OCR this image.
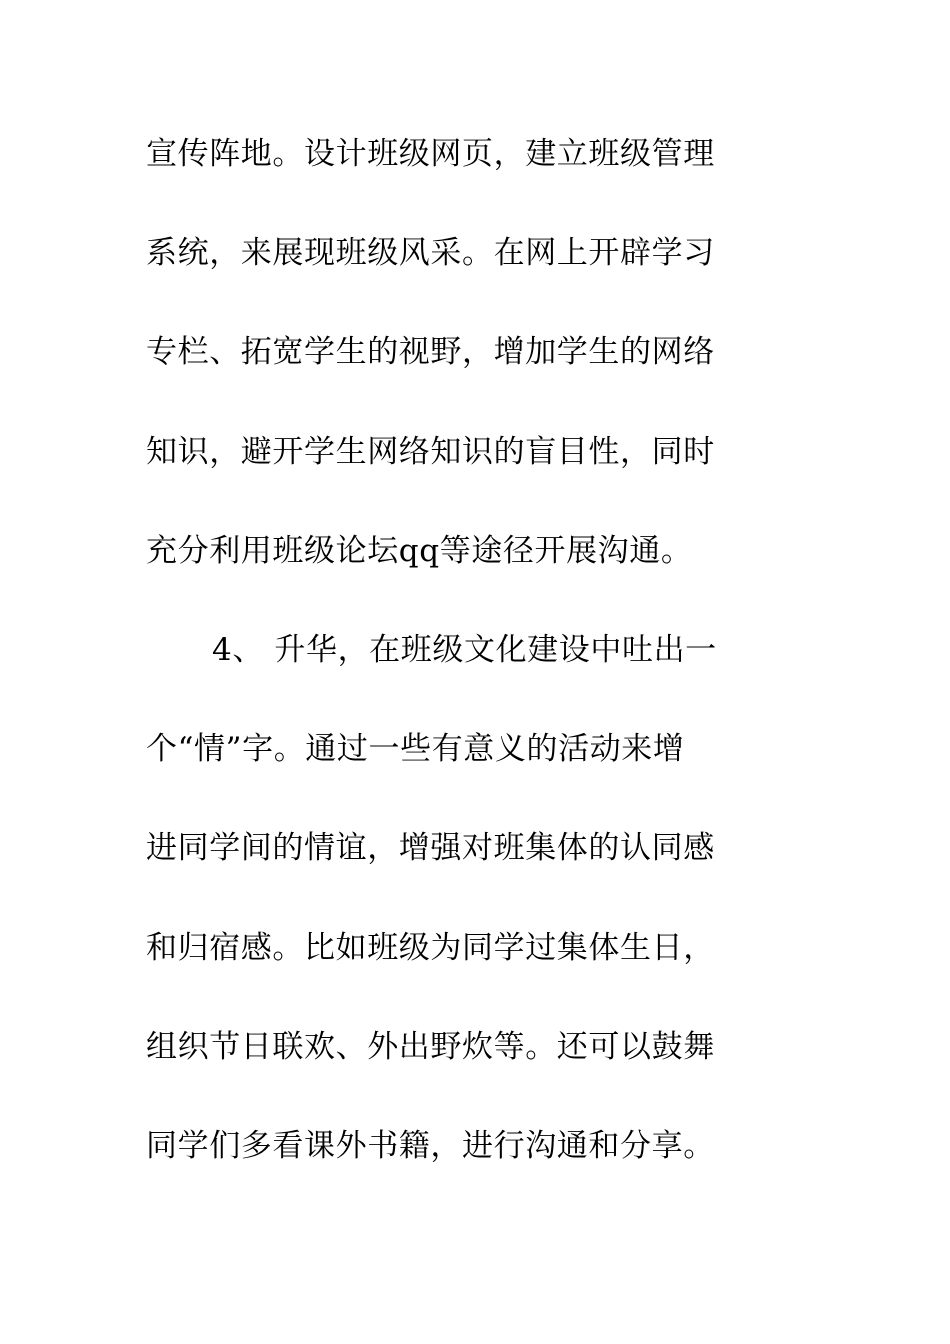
宣传阵地。设计班级网页，建立班级管理
系统，来展现班级风采。在网上开辟学习
专栏、拓宽学生的视野，增加学生的网络
知识，避开学生网络知识的盲目性，同时
充分利用班级论坛qq等途径开展沟通。
4、 升华，在班级文化建设中吐出一
个“情”字。通过一些有意义的活动来增
进同学间的情谊，增强对班集体的认同感
和归宿感。比如班级为同学过集体生日，
组织节日联欢、外出野炊等。还可以鼓舞
同学们多看课外书籍，进行沟通和分享。
